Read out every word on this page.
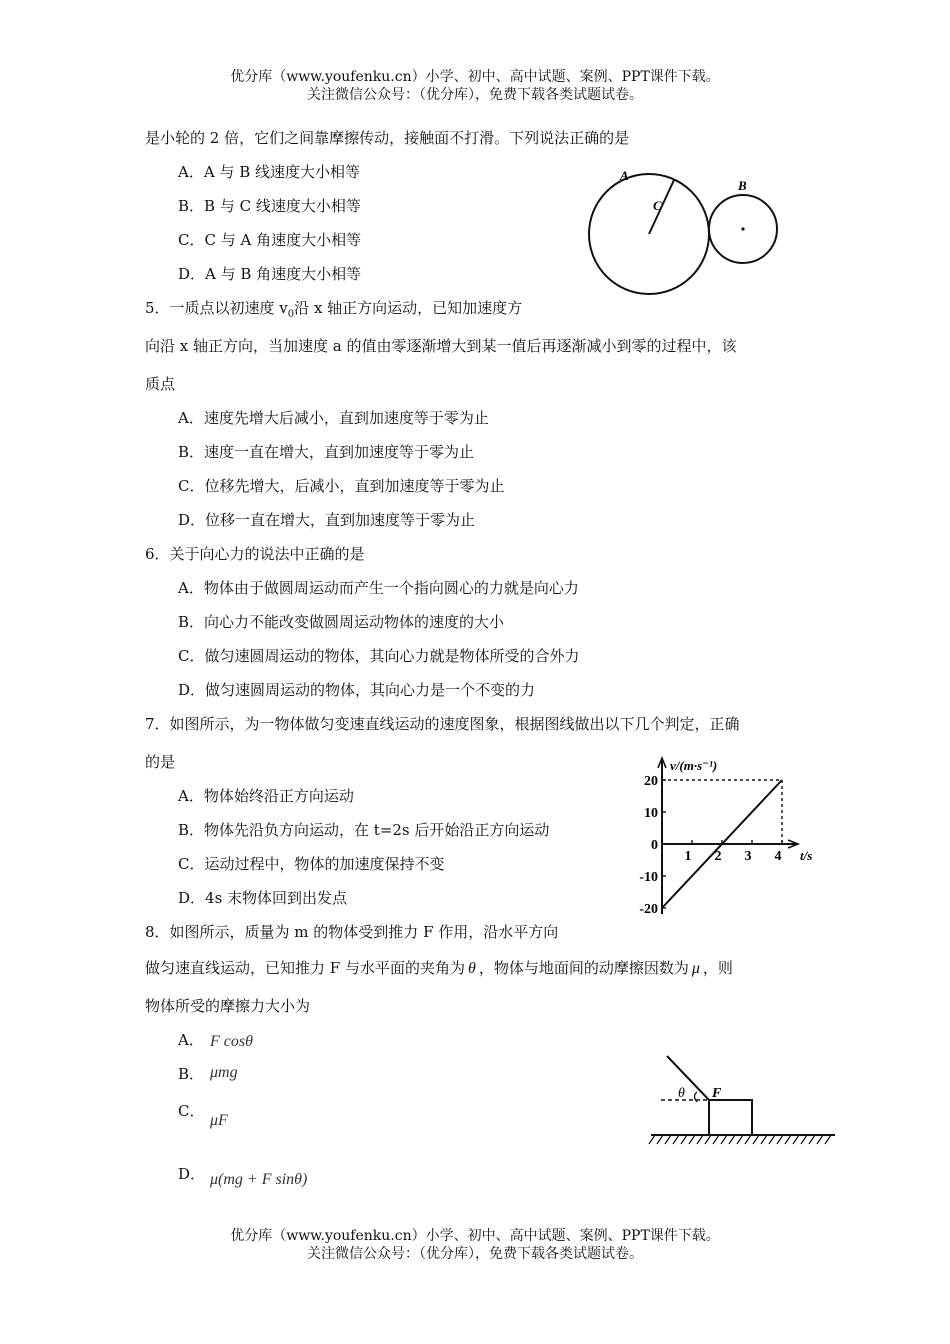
优分库（www.youfenku.cn）小学、初中、高中试题、案例、PPT课件下载。
关注微信公众号：（优分库），免费下载各类试题试卷。
是小轮的 2 倍，它们之间靠摩擦传动，接触面不打滑。下列说法正确的是
A．A 与 B 线速度大小相等
B．B 与 C 线速度大小相等
C．C 与 A 角速度大小相等
D．A 与 B 角速度大小相等
A
B
C
5．一质点以初速度 $v_0$沿 x 轴正方向运动，已知加速度方
向沿 x 轴正方向，当加速度 a 的值由零逐渐增大到某一值后再逐渐减小到零的过程中，该
质点
A．速度先增大后减小，直到加速度等于零为止
B．速度一直在增大，直到加速度等于零为止
C．位移先增大，后减小，直到加速度等于零为止
D．位移一直在增大，直到加速度等于零为止
6．关于向心力的说法中正确的是
A．物体由于做圆周运动而产生一个指向圆心的力就是向心力
B．向心力不能改变做圆周运动物体的速度的大小
C．做匀速圆周运动的物体，其向心力就是物体所受的合外力
D．做匀速圆周运动的物体，其向心力是一个不变的力
7．如图所示，为一物体做匀变速直线运动的速度图象，根据图线做出以下几个判定，正确
的是
A．物体始终沿正方向运动
B．物体先沿负方向运动，在 t=2s 后开始沿正方向运动
C．运动过程中，物体的加速度保持不变
D．4s 末物体回到出发点
20
10
0
-10
-20
1 2 3 4
v/(m·s⁻¹)
t/s
8．如图所示，质量为 m 的物体受到推力 F 作用，沿水平方向
做匀速直线运动，已知推力 F 与水平面的夹角为 θ ，物体与地面间的动摩擦因数为 μ ，则
物体所受的摩擦力大小为
A． F cosθ
B． μmg
C．
μF
D． μ(mg + F sinθ)
θ F
优分库（www.youfenku.cn）小学、初中、高中试题、案例、PPT课件下载。
关注微信公众号：（优分库），免费下载各类试题试卷。
